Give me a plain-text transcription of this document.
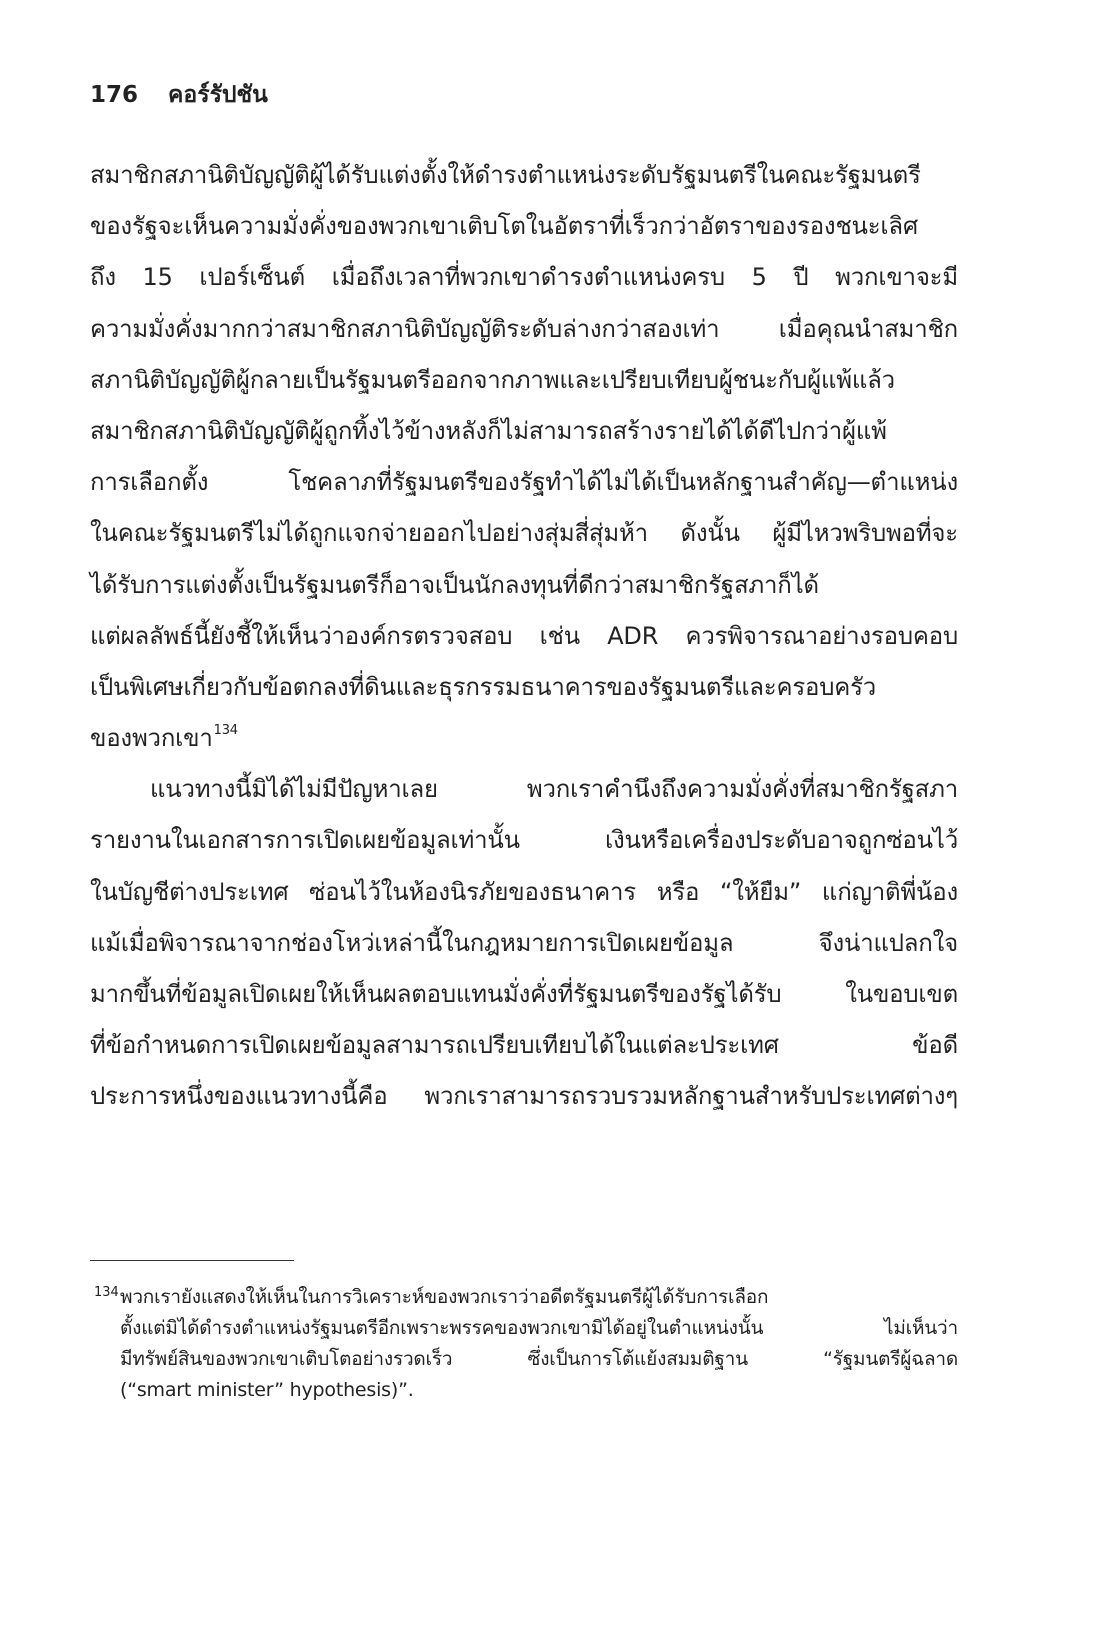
176 คอร์รัปชัน
สมาชิกสภานิติบัญญัติผู้ได้รับแต่งตั้งให้ดำรงตำแหน่งระดับรัฐมนตรีในคณะรัฐมนตรี
ของรัฐจะเห็นความมั่งคั่งของพวกเขาเติบโตในอัตราที่เร็วกว่าอัตราของรองชนะเลิศ
ถึง 15 เปอร์เซ็นต์ เมื่อถึงเวลาที่พวกเขาดำรงตำแหน่งครบ 5 ปี พวกเขาจะมี
ความมั่งคั่งมากกว่าสมาชิกสภานิติบัญญัติระดับล่างกว่าสองเท่า เมื่อคุณนำสมาชิก
สภานิติบัญญัติผู้กลายเป็นรัฐมนตรีออกจากภาพและเปรียบเทียบผู้ชนะกับผู้แพ้แล้ว
สมาชิกสภานิติบัญญัติผู้ถูกทิ้งไว้ข้างหลังก็ไม่สามารถสร้างรายได้ได้ดีไปกว่าผู้แพ้
การเลือกตั้ง โชคลาภที่รัฐมนตรีของรัฐทำได้ไม่ได้เป็นหลักฐานสำคัญ—ตำแหน่ง
ในคณะรัฐมนตรีไม่ได้ถูกแจกจ่ายออกไปอย่างสุ่มสี่สุ่มห้า ดังนั้น ผู้มีไหวพริบพอที่จะ
ได้รับการแต่งตั้งเป็นรัฐมนตรีก็อาจเป็นนักลงทุนที่ดีกว่าสมาชิกรัฐสภาก็ได้
แต่ผลลัพธ์นี้ยังชี้ให้เห็นว่าองค์กรตรวจสอบ เช่น ADR ควรพิจารณาอย่างรอบคอบ
เป็นพิเศษเกี่ยวกับข้อตกลงที่ดินและธุรกรรมธนาคารของรัฐมนตรีและครอบครัว
ของพวกเขา$^{134}$
แนวทางนี้มิได้ไม่มีปัญหาเลย พวกเราคำนึงถึงความมั่งคั่งที่สมาชิกรัฐสภา
รายงานในเอกสารการเปิดเผยข้อมูลเท่านั้น เงินหรือเครื่องประดับอาจถูกซ่อนไว้
ในบัญชีต่างประเทศ ซ่อนไว้ในห้องนิรภัยของธนาคาร หรือ “ให้ยืม” แก่ญาติพี่น้อง
แม้เมื่อพิจารณาจากช่องโหว่เหล่านี้ในกฎหมายการเปิดเผยข้อมูล จึงน่าแปลกใจ
มากขึ้นที่ข้อมูลเปิดเผยให้เห็นผลตอบแทนมั่งคั่งที่รัฐมนตรีของรัฐได้รับ ในขอบเขต
ที่ข้อกำหนดการเปิดเผยข้อมูลสามารถเปรียบเทียบได้ในแต่ละประเทศ ข้อดี
ประการหนึ่งของแนวทางนี้คือ พวกเราสามารถรวบรวมหลักฐานสำหรับประเทศต่างๆ
134 พวกเรายังแสดงให้เห็นในการวิเคราะห์ของพวกเราว่าอดีตรัฐมนตรีผู้ได้รับการเลือก
ตั้งแต่มิได้ดำรงตำแหน่งรัฐมนตรีอีกเพราะพรรคของพวกเขามิได้อยู่ในตำแหน่งนั้น ไม่เห็นว่า
มีทรัพย์สินของพวกเขาเติบโตอย่างรวดเร็ว ซึ่งเป็นการโต้แย้งสมมติฐาน “รัฐมนตรีผู้ฉลาด
(“smart minister” hypothesis)”.
